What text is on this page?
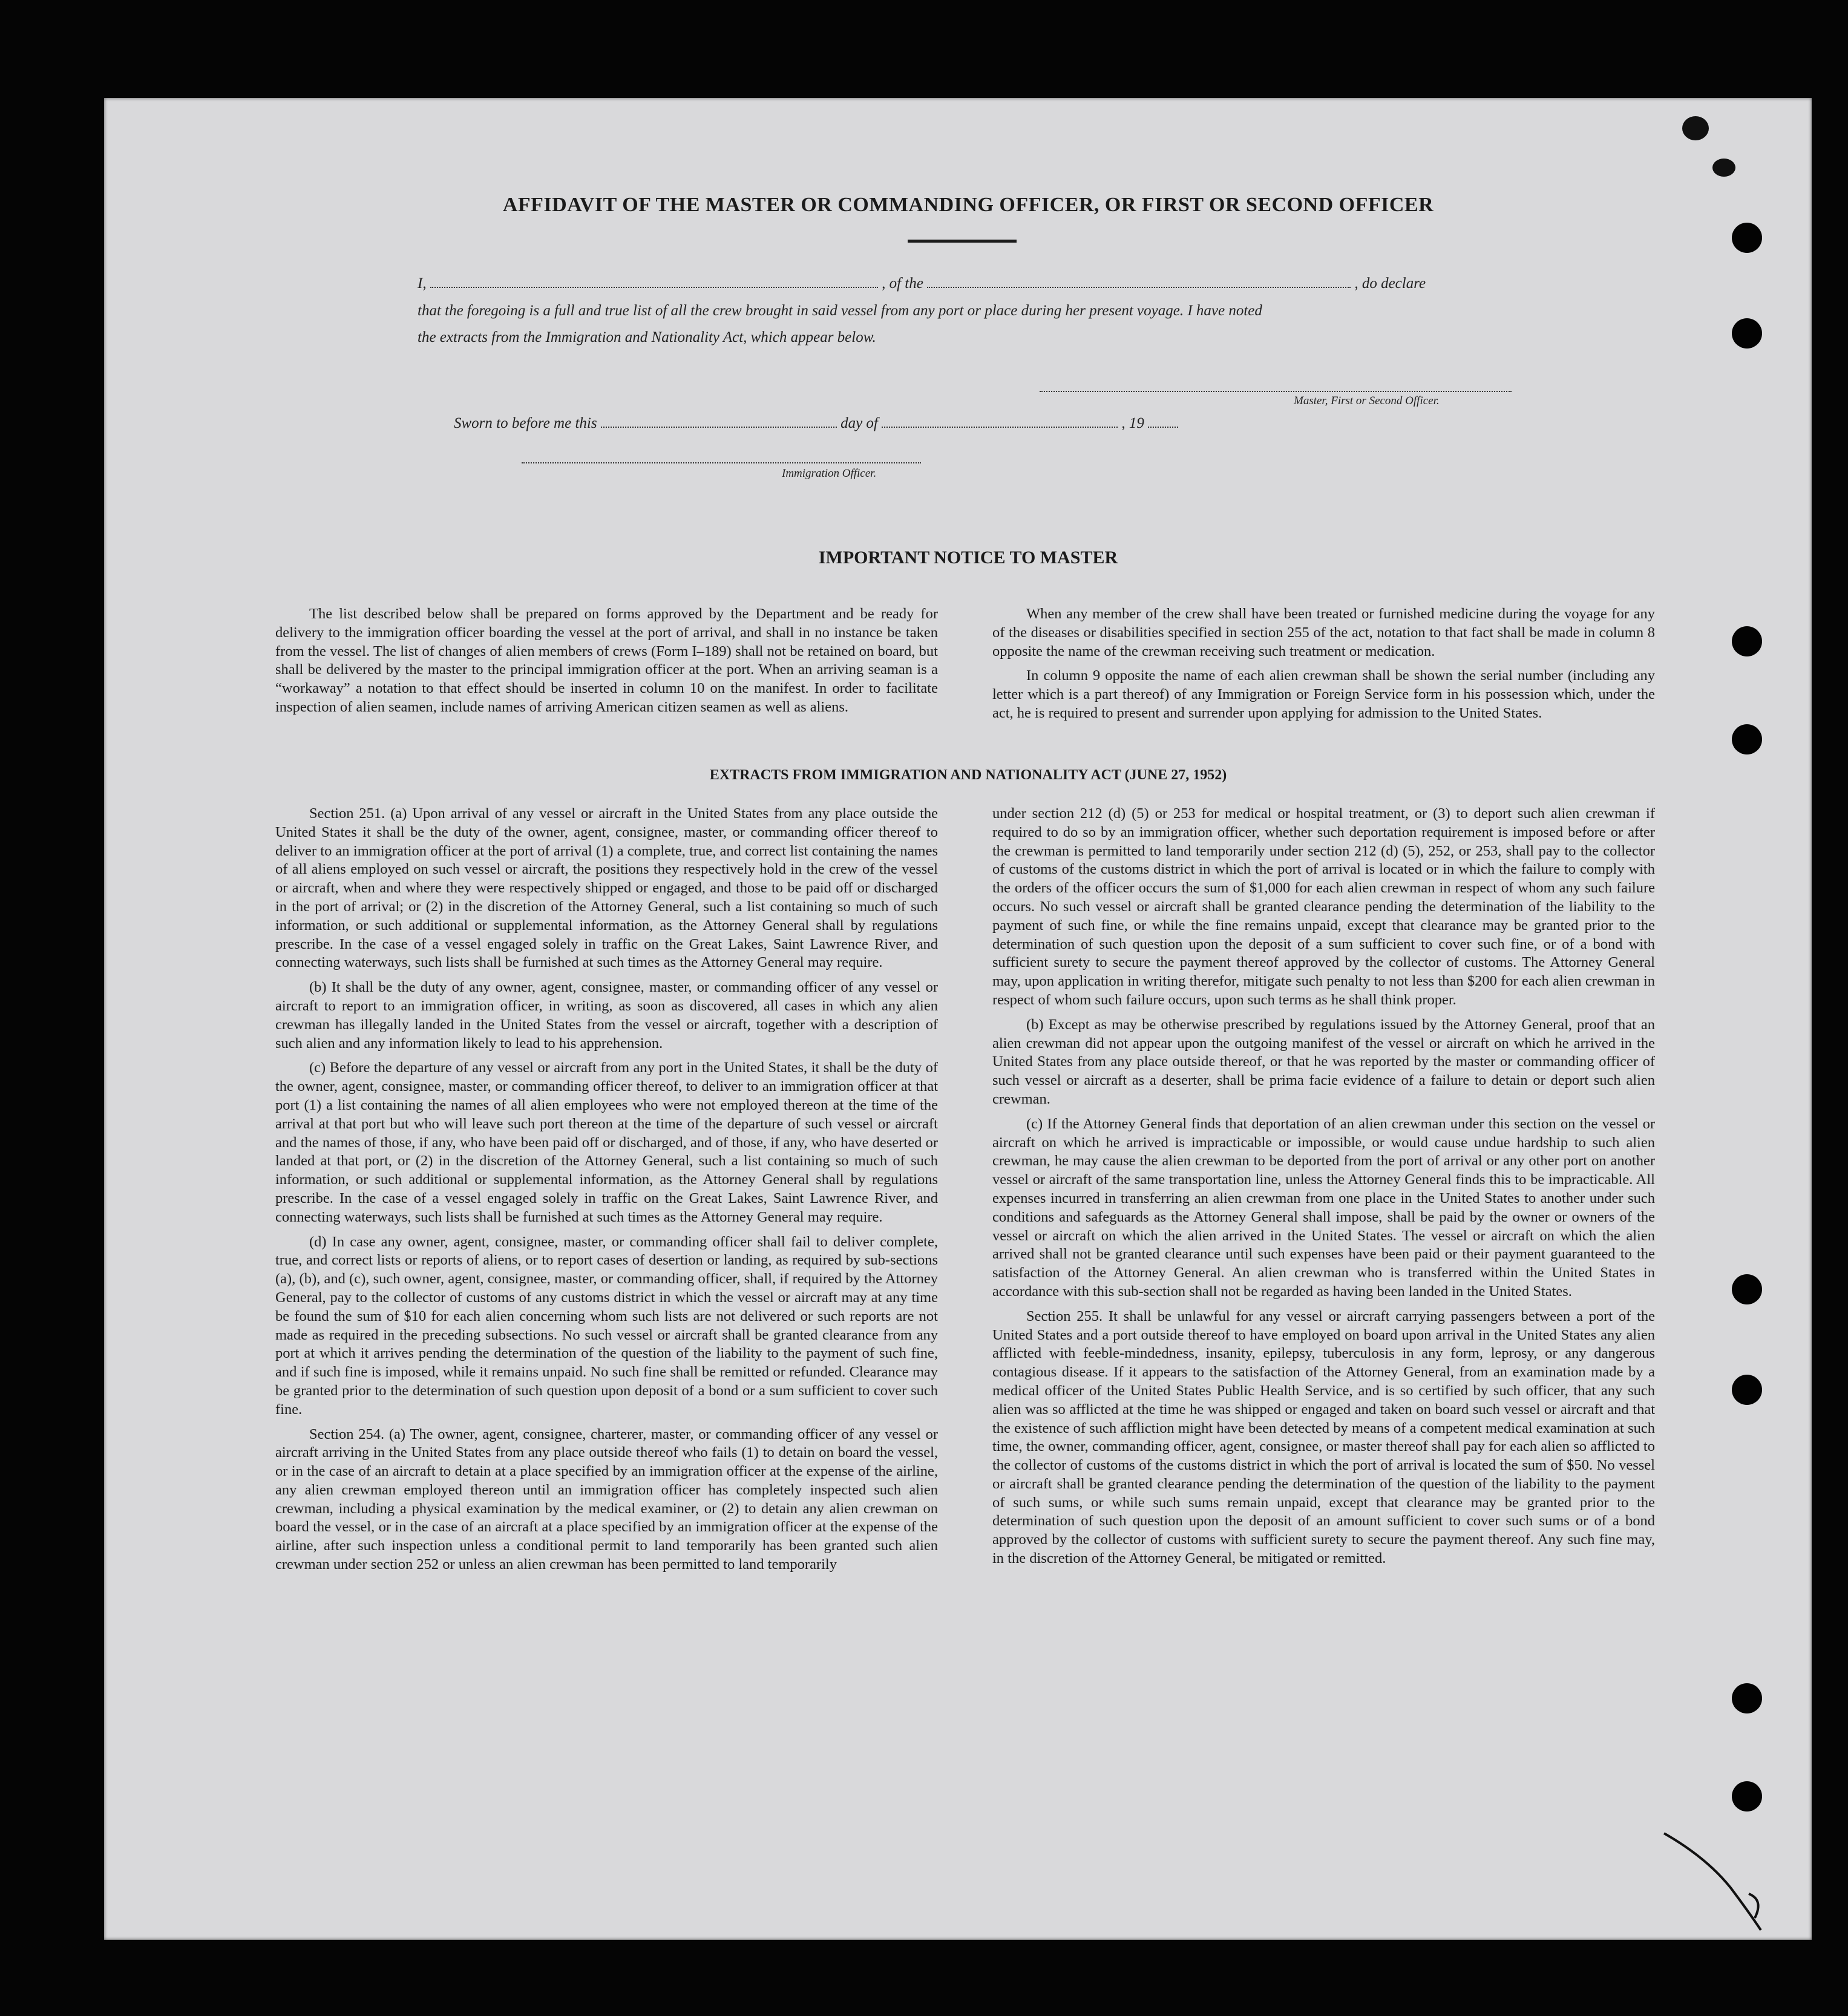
AFFIDAVIT OF THE MASTER OR COMMANDING OFFICER, OR FIRST OR SECOND OFFICER
I,	, of the	, do declare
that the foregoing is a full and true list of all the crew brought in said vessel from any port or place during her present voyage. I have noted
the extracts from the Immigration and Nationality Act, which appear below.
Master, First or Second Officer.
Sworn to before me this	day of	, 19
Immigration Officer.
IMPORTANT NOTICE TO MASTER

The list described below shall be prepared on forms approved by the Department and be ready for delivery to the immigration officer boarding the vessel at the port of arrival, and shall in no instance be taken from the vessel. The list of changes of alien members of crews (Form I–189) shall not be retained on board, but shall be delivered by the master to the principal immigration officer at the port. When an arriving seaman is a “workaway” a notation to that effect should be inserted in column 10 on the manifest. In order to facilitate inspection of alien seamen, include names of arriving American citizen seamen as well as aliens.

When any member of the crew shall have been treated or furnished medicine during the voyage for any of the diseases or disabilities specified in section 255 of the act, notation to that fact shall be made in column 8 opposite the name of the crewman receiving such treatment or medication.

In column 9 opposite the name of each alien crewman shall be shown the serial number (including any letter which is a part thereof) of any Immigration or Foreign Service form in his possession which, under the act, he is required to present and surrender upon applying for admission to the United States.

EXTRACTS FROM IMMIGRATION AND NATIONALITY ACT (JUNE 27, 1952)

Section 251. (a) Upon arrival of any vessel or aircraft in the United States from any place outside the United States it shall be the duty of the owner, agent, consignee, master, or commanding officer thereof to deliver to an immigration officer at the port of arrival (1) a complete, true, and correct list containing the names of all aliens employed on such vessel or aircraft, the positions they respectively hold in the crew of the vessel or aircraft, when and where they were respectively shipped or engaged, and those to be paid off or discharged in the port of arrival; or (2) in the discretion of the Attorney General, such a list containing so much of such information, or such additional or supplemental information, as the Attorney General shall by regulations prescribe. In the case of a vessel engaged solely in traffic on the Great Lakes, Saint Lawrence River, and connecting waterways, such lists shall be furnished at such times as the Attorney General may require.

(b) It shall be the duty of any owner, agent, consignee, master, or commanding officer of any vessel or aircraft to report to an immigration officer, in writing, as soon as discovered, all cases in which any alien crewman has illegally landed in the United States from the vessel or aircraft, together with a description of such alien and any information likely to lead to his apprehension.

(c) Before the departure of any vessel or aircraft from any port in the United States, it shall be the duty of the owner, agent, consignee, master, or commanding officer thereof, to deliver to an immigration officer at that port (1) a list containing the names of all alien employees who were not employed thereon at the time of the arrival at that port but who will leave such port thereon at the time of the departure of such vessel or aircraft and the names of those, if any, who have been paid off or discharged, and of those, if any, who have deserted or landed at that port, or (2) in the discretion of the Attorney General, such a list containing so much of such information, or such additional or supplemental information, as the Attorney General shall by regulations prescribe. In the case of a vessel engaged solely in traffic on the Great Lakes, Saint Lawrence River, and connecting waterways, such lists shall be furnished at such times as the Attorney General may require.

(d) In case any owner, agent, consignee, master, or commanding officer shall fail to deliver complete, true, and correct lists or reports of aliens, or to report cases of desertion or landing, as required by sub-sections (a), (b), and (c), such owner, agent, consignee, master, or commanding officer, shall, if required by the Attorney General, pay to the collector of customs of any customs district in which the vessel or aircraft may at any time be found the sum of $10 for each alien concerning whom such lists are not delivered or such reports are not made as required in the preceding subsections. No such vessel or aircraft shall be granted clearance from any port at which it arrives pending the determination of the question of the liability to the payment of such fine, and if such fine is imposed, while it remains unpaid. No such fine shall be remitted or refunded. Clearance may be granted prior to the determination of such question upon deposit of a bond or a sum sufficient to cover such fine.

Section 254. (a) The owner, agent, consignee, charterer, master, or commanding officer of any vessel or aircraft arriving in the United States from any place outside thereof who fails (1) to detain on board the vessel, or in the case of an aircraft to detain at a place specified by an immigration officer at the expense of the airline, any alien crewman employed thereon until an immigration officer has completely inspected such alien crewman, including a physical examination by the medical examiner, or (2) to detain any alien crewman on board the vessel, or in the case of an aircraft at a place specified by an immigration officer at the expense of the airline, after such inspection unless a conditional permit to land temporarily has been granted such alien crewman under section 252 or unless an alien crewman has been permitted to land temporarily

under section 212 (d) (5) or 253 for medical or hospital treatment, or (3) to deport such alien crewman if required to do so by an immigration officer, whether such deportation requirement is imposed before or after the crewman is permitted to land temporarily under section 212 (d) (5), 252, or 253, shall pay to the collector of customs of the customs district in which the port of arrival is located or in which the failure to comply with the orders of the officer occurs the sum of $1,000 for each alien crewman in respect of whom any such failure occurs. No such vessel or aircraft shall be granted clearance pending the determination of the liability to the payment of such fine, or while the fine remains unpaid, except that clearance may be granted prior to the determination of such question upon the deposit of a sum sufficient to cover such fine, or of a bond with sufficient surety to secure the payment thereof approved by the collector of customs. The Attorney General may, upon application in writing therefor, mitigate such penalty to not less than $200 for each alien crewman in respect of whom such failure occurs, upon such terms as he shall think proper.

(b) Except as may be otherwise prescribed by regulations issued by the Attorney General, proof that an alien crewman did not appear upon the outgoing manifest of the vessel or aircraft on which he arrived in the United States from any place outside thereof, or that he was reported by the master or commanding officer of such vessel or aircraft as a deserter, shall be prima facie evidence of a failure to detain or deport such alien crewman.

(c) If the Attorney General finds that deportation of an alien crewman under this section on the vessel or aircraft on which he arrived is impracticable or impossible, or would cause undue hardship to such alien crewman, he may cause the alien crewman to be deported from the port of arrival or any other port on another vessel or aircraft of the same transportation line, unless the Attorney General finds this to be impracticable. All expenses incurred in transferring an alien crewman from one place in the United States to another under such conditions and safeguards as the Attorney General shall impose, shall be paid by the owner or owners of the vessel or aircraft on which the alien arrived in the United States. The vessel or aircraft on which the alien arrived shall not be granted clearance until such expenses have been paid or their payment guaranteed to the satisfaction of the Attorney General. An alien crewman who is transferred within the United States in accordance with this sub-section shall not be regarded as having been landed in the United States.

Section 255. It shall be unlawful for any vessel or aircraft carrying passengers between a port of the United States and a port outside thereof to have employed on board upon arrival in the United States any alien afflicted with feeble-mindedness, insanity, epilepsy, tuberculosis in any form, leprosy, or any dangerous contagious disease. If it appears to the satisfaction of the Attorney General, from an examination made by a medical officer of the United States Public Health Service, and is so certified by such officer, that any such alien was so afflicted at the time he was shipped or engaged and taken on board such vessel or aircraft and that the existence of such affliction might have been detected by means of a competent medical examination at such time, the owner, commanding officer, agent, consignee, or master thereof shall pay for each alien so afflicted to the collector of customs of the customs district in which the port of arrival is located the sum of $50. No vessel or aircraft shall be granted clearance pending the determination of the question of the liability to the payment of such sums, or while such sums remain unpaid, except that clearance may be granted prior to the determination of such question upon the deposit of an amount sufficient to cover such sums or of a bond approved by the collector of customs with sufficient surety to secure the payment thereof. Any such fine may, in the discretion of the Attorney General, be mitigated or remitted.
